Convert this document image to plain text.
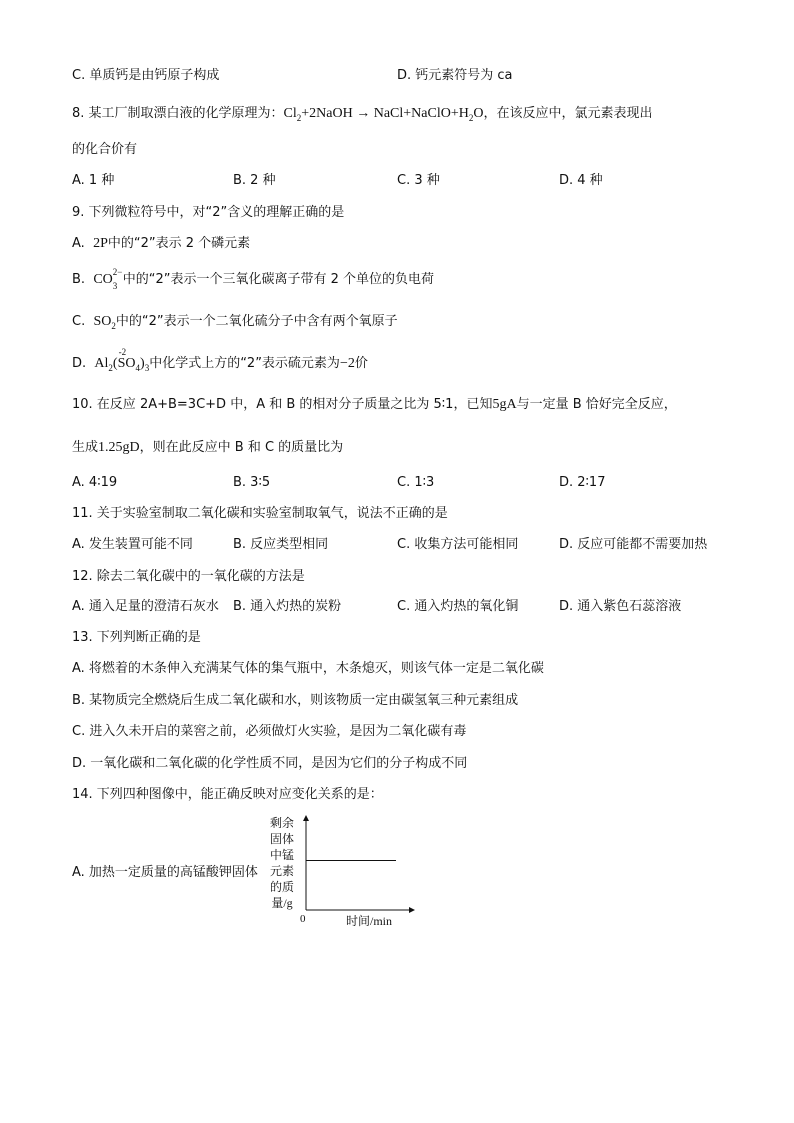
C. 单质钙是由钙原子构成	D. 钙元素符号为 ca
8. 某工厂制取漂白液的化学原理为：$Cl_2+2NaOH$ → $NaCl+NaClO+H_2O$，在该反应中，氯元素表现出
的化合价有
A. 1 种	B. 2 种	C. 3 种	D. 4 种
9. 下列微粒符号中，对“2”含义的理解正确的是
A. 2P中的“2”表示 2 个磷元素
B. CO 2−
3 中的“2”表示一个三氧化碳离子带有 2 个单位的负电荷
C. $SO_2$中的“2”表示一个二氧化硫分子中含有两个氧原子
D. $Al_2$(
-2
$SO_4)_3$中化学式上方的“2”表示硫元素为−2价
10. 在反应 2A+B=3C+D 中，A 和 B 的相对分子质量之比为 5∶1，已知5gA与一定量 B 恰好完全反应，
生成1.25gD，则在此反应中 B 和 C 的质量比为
A. 4∶19	B. 3∶5	C. 1∶3	D. 2∶17
11. 关于实验室制取二氧化碳和实验室制取氧气，说法不正确的是
A. 发生装置可能不同	B. 反应类型相同	C. 收集方法可能相同	D. 反应可能都不需要加热
12. 除去二氧化碳中的一氧化碳的方法是
A. 通入足量的澄清石灰水 B. 通入灼热的炭粉	C. 通入灼热的氧化铜	D. 通入紫色石蕊溶液
13. 下列判断正确的是
A. 将燃着的木条伸入充满某气体的集气瓶中，木条熄灭，则该气体一定是二氧化碳
B. 某物质完全燃烧后生成二氧化碳和水，则该物质一定由碳氢氧三种元素组成
C. 进入久未开启的菜窖之前，必须做灯火实验，是因为二氧化碳有毒
D. 一氧化碳和二氧化碳的化学性质不同，是因为它们的分子构成不同
14. 下列四种图像中，能正确反映对应变化关系的是：
A. 加热一定质量的高锰酸钾固体
剩余
固体
中锰
元素
的质
量/g
0	时间/min
